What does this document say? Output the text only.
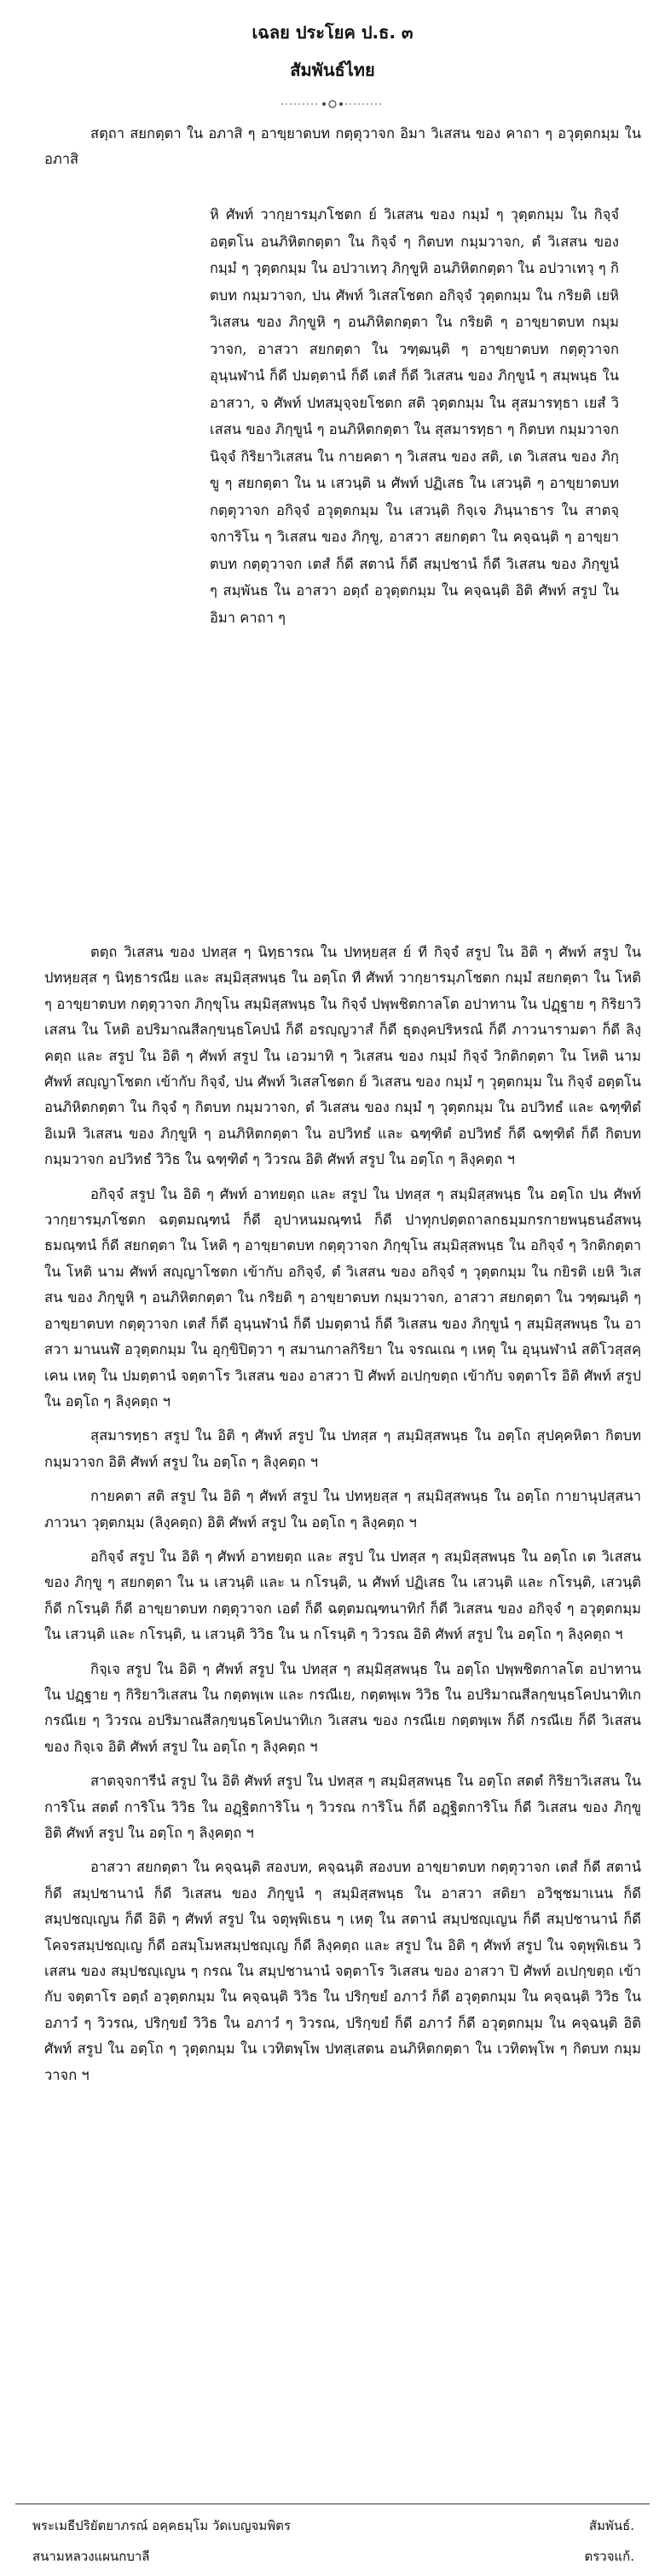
เฉลย ประโยค ป.ธ. ๓
สัมพันธ์ไทย

สตฺถา สยกตฺตา ใน อภาสิ ๆ อาขฺยาตบท กตฺตุวาจก อิมา วิเสสน ของ คาถา ๆ อวุตฺตกมฺม ใน อภาสิ

หิ ศัพท์ วากฺยารมฺภโชตก ย์ วิเสสน ของ กมฺมํ ๆ วุตฺตกมฺม ใน กิจฺจํ อตฺตโน อนภิหิตกตฺตา ใน กิจฺจํ ๆ กิตบท กมฺมวาจก, ตํ วิเสสน ของ กมฺมํ ๆ วุตฺตกมฺม ใน อปวาเทวฺ ภิกฺขูหิ อนภิหิตกตฺตา ใน อปวาเทวฺ ๆ กิตบท กมฺมวาจก, ปน ศัพท์ วิเสสโชตก อกิจฺจํ วุตฺตกมฺม ใน กริยติ เยหิ วิเสสน ของ ภิกฺขูหิ ๆ อนภิหิตกตฺตา ใน กริยติ ๆ อาขฺยาตบท กมฺมวาจก, อาสวา สยกตฺตา ใน วฑฺฒนฺติ ๆ อาขฺยาตบท กตฺตุวาจก อุนฺนฬานํ ก็ดี ปมตฺตานํ ก็ดี เตสํ ก็ดี วิเสสน ของ ภิกฺขูนํ ๆ สมฺพนฺธ ใน อาสวา, จ ศัพท์ ปทสมุจฺจยโชตก สติ วุตฺตกมฺม ใน สุสมารทฺธา เยสํ วิเสสน ของ ภิกฺขูนํ ๆ อนภิหิตกตฺตา ใน สุสมารทฺธา ๆ กิตบท กมฺมวาจก นิจฺจํ กิริยาวิเสสน ใน กายคตา ๆ วิเสสน ของ สติ, เต วิเสสน ของ ภิกฺขู ๆ สยกตฺตา ใน น เสวนฺติ น ศัพท์ ปฏิเสธ ใน เสวนฺติ ๆ อาขฺยาตบท กตฺตุวาจก อกิจฺจํ อวุตฺตกมฺม ใน เสวนฺติ กิจฺเจ ภินฺนาธาร ใน สาตจฺจการิโน ๆ วิเสสน ของ ภิกฺขู, อาสวา สยกตฺตา ใน คจฺฉนฺติ ๆ อาขฺยาตบท กตฺตุวาจก เตสํ ก็ดี สตานํ ก็ดี สมฺปชานํ ก็ดี วิเสสน ของ ภิกฺขูนํ ๆ สมฺพันธ ใน อาสวา อตฺถํ อวุตฺตกมฺม ใน คจฺฉนฺติ อิติ ศัพท์ สรูป ใน อิมา คาถา ๆ

ตตฺถ วิเสสน ของ ปทสฺส ๆ นิทฺธารณ ใน ปทหฺยสฺส ย์ ที กิจฺจํ สรูป ใน อิติ ๆ ศัพท์ สรูป ใน ปทหฺยสฺส ๆ นิทฺธารณีย และ สมฺมิสฺสพนฺธ ใน อตฺโถ ที ศัพท์ วากฺยารมฺภโชตก กมฺมํ สยกตฺตา ใน โหติ ๆ อาขฺยาตบท กตฺตุวาจก ภิกฺขุโน สมฺมิสฺสพนฺธ ใน กิจฺจํ ปพฺพชิตกาลโต อปาทาน ใน ปฏฺฐาย ๆ กิริยาวิเสสน ใน โหติ อปริมาณสีลกฺขนฺธโคปนํ ก็ดี อรญฺญวาสํ ก็ดี ธุตงฺคปริหรณํ ก็ดี ภาวนารามตา ก็ดี ลิงฺคตฺถ และ สรูป ใน อิติ ๆ ศัพท์ สรูป ใน เอวมาทิ ๆ วิเสสน ของ กมฺมํ กิจฺจํ วิกติกตฺตา ใน โหติ นาม ศัพท์ สญฺญาโชตก เข้ากับ กิจฺจํ, ปน ศัพท์ วิเสสโชตก ย์ วิเสสน ของ กมฺมํ ๆ วุตฺตกมฺม ใน กิจฺจํ อตฺตโน อนภิหิตกตฺตา ใน กิจฺจํ ๆ กิตบท กมฺมวาจก, ตํ วิเสสน ของ กมฺมํ ๆ วุตฺตกมฺม ใน อปวิทธํ และ ฉฑฺฑิตํ อิเมหิ วิเสสน ของ ภิกฺขูหิ ๆ อนภิหิตกตฺตา ใน อปวิทธํ และ ฉฑฺฑิตํ อปวิทธํ ก็ดี ฉฑฺฑิตํ ก็ดี กิตบท กมฺมวาจก อปวิทธํ วิวิธ ใน ฉฑฺฑิตํ ๆ วิวรณ อิติ ศัพท์ สรูป ใน อตฺโถ ๆ ลิงฺคตฺถ ฯ

อกิจฺจํ สรูป ใน อิติ ๆ ศัพท์ อาทยตฺถ และ สรูป ใน ปทสฺส ๆ สมฺมิสฺสพนฺธ ใน อตฺโถ ปน ศัพท์ วากฺยารมฺภโชตก ฉตฺตมณฺฑนํ ก็ดี อุปาหนมณฺฑนํ ก็ดี ปาทุกปตฺตถาลกธมฺมกรกายพนฺธนอํสพนฺธมณฺฑนํ ก็ดี สยกตฺตา ใน โหติ ๆ อาขฺยาตบท กตฺตุวาจก ภิกฺขุโน สมฺมิสฺสพนฺธ ใน อกิจฺจํ ๆ วิกติกตฺตา ใน โหติ นาม ศัพท์ สญฺญาโชตก เข้ากับ อกิจฺจํ, ตํ วิเสสน ของ อกิจฺจํ ๆ วุตฺตกมฺม ใน กยิรติ เยหิ วิเสสน ของ ภิกฺขูหิ ๆ อนภิหิตกตฺตา ใน กริยติ ๆ อาขฺยาตบท กมฺมวาจก, อาสวา สยกตฺตา ใน วฑฺฒนฺติ ๆ อาขฺยาตบท กตฺตุวาจก เตสํ ก็ดี อุนฺนฬานํ ก็ดี ปมตฺตานํ ก็ดี วิเสสน ของ ภิกฺขูนํ ๆ สมฺมิสฺสพนฺธ ใน อาสวา มานนฬํ อวุตฺตกมฺม ใน อุกฺขิปิตฺวา ๆ สมานกาลกิริยา ใน จรณเณ ๆ เหตุ ใน อุนฺนฬานํ สติโวสฺสคฺเคน เหตุ ใน ปมตฺตานํ จตฺตาโร วิเสสน ของ อาสวา ปิ ศัพท์ อเปกฺขตฺถ เข้ากับ จตฺตาโร อิติ ศัพท์ สรูป ใน อตฺโถ ๆ ลิงฺคตฺถ ฯ

สุสมารทฺธา สรูป ใน อิติ ๆ ศัพท์ สรูป ใน ปทสฺส ๆ สมฺมิสฺสพนฺธ ใน อตฺโถ สุปคฺคหิตา กิตบท กมฺมวาจก อิติ ศัพท์ สรูป ใน อตฺโถ ๆ ลิงฺคตฺถ ฯ

กายคตา สติ สรูป ใน อิติ ๆ ศัพท์ สรูป ใน ปทหฺยสฺส ๆ สมฺมิสฺสพนฺธ ใน อตฺโถ กายานุปสฺสนาภาวนา วุตฺตกมฺม (ลิงฺคตฺถ) อิติ ศัพท์ สรูป ใน อตฺโถ ๆ ลิงฺคตฺถ ฯ

อกิจฺจํ สรูป ใน อิติ ๆ ศัพท์ อาทยตฺถ และ สรูป ใน ปทสฺส ๆ สมฺมิสฺสพนฺธ ใน อตฺโถ เต วิเสสน ของ ภิกฺขู ๆ สยกตฺตา ใน น เสวนฺติ และ น กโรนฺติ, น ศัพท์ ปฏิเสธ ใน เสวนฺติ และ กโรนฺติ, เสวนฺติ ก็ดี กโรนฺติ ก็ดี อาขฺยาตบท กตฺตุวาจก เอตํ ก็ดี ฉตฺตมณฺฑนาทิกํ ก็ดี วิเสสน ของ อกิจฺจํ ๆ อวุตฺตกมฺม ใน เสวนฺติ และ กโรนฺติ, น เสวนฺติ วิวิธ ใน น กโรนฺติ ๆ วิวรณ อิติ ศัพท์ สรูป ใน อตฺโถ ๆ ลิงฺคตฺถ ฯ

กิจฺเจ สรูป ใน อิติ ๆ ศัพท์ สรูป ใน ปทสฺส ๆ สมฺมิสฺสพนฺธ ใน อตฺโถ ปพฺพชิตกาลโต อปาทาน ใน ปฏฺฐาย ๆ กิริยาวิเสสน ใน กตฺตพฺเพ และ กรณีเย, กตฺตพฺเพ วิวิธ ใน อปริมาณสีลกฺขนฺธโคปนาทิเก กรณีเย ๆ วิวรณ อปริมาณสีลกฺขนฺธโคปนาทิเก วิเสสน ของ กรณีเย กตฺตพฺเพ ก็ดี กรณีเย ก็ดี วิเสสน ของ กิจฺเจ อิติ ศัพท์ สรูป ใน อตฺโถ ๆ ลิงฺคตฺถ ฯ

สาตจฺจการีนํ สรูป ใน อิติ ศัพท์ สรูป ใน ปทสฺส ๆ สมฺมิสฺสพนฺธ ใน อตฺโถ สตตํ กิริยาวิเสสน ใน การิโน สตตํ การิโน วิวิธ ใน อฏฺฐิตการิโน ๆ วิวรณ การิโน ก็ดี อฏฺฐิตการิโน ก็ดี วิเสสน ของ ภิกฺขู อิติ ศัพท์ สรูป ใน อตฺโถ ๆ ลิงฺคตฺถ ฯ

อาสวา สยกตฺตา ใน คจฺฉนฺติ สองบท, คจฺฉนฺติ สองบท อาขฺยาตบท กตฺตุวาจก เตสํ ก็ดี สตานํ ก็ดี สมฺปชานานํ ก็ดี วิเสสน ของ ภิกฺขูนํ ๆ สมฺมิสฺสพนฺธ ใน อาสวา สติยา อวิชฺชมาเนน ก็ดี สมฺปชญฺเญน ก็ดี อิติ ๆ ศัพท์ สรูป ใน จตุพฺพิเธน ๆ เหตุ ใน สตานํ สมฺปชญฺเญน ก็ดี สมฺปชานานํ ก็ดี โคจรสมฺปชญฺเญ ก็ดี อสมฺโมหสมฺปชญฺเญ ก็ดี ลิงฺคตฺถ และ สรูป ใน อิติ ๆ ศัพท์ สรูป ใน จตุพฺพิเธน วิเสสน ของ สมฺปชญฺเญน ๆ กรณ ใน สมฺปชานานํ จตฺตาโร วิเสสน ของ อาสวา ปิ ศัพท์ อเปกฺขตฺถ เข้ากับ จตฺตาโร อตฺถํ อวุตฺตกมฺม ใน คจฺฉนฺติ วิวิธ ใน ปริกฺขยํ อภาวํ ก็ดี อวุตฺตกมฺม ใน คจฺฉนฺติ วิวิธ ใน อภาวํ ๆ วิวรณ, ปริกฺขยํ วิวิธ ใน อภาวํ ๆ วิวรณ, ปริกฺขยํ ก็ดี อภาวํ ก็ดี อวุตฺตกมฺม ใน คจฺฉนฺติ อิติ ศัพท์ สรูป ใน อตฺโถ ๆ วุตฺตกมฺม ใน เวทิตพฺโพ ปทสฺเสตน อนภิหิตกตฺตา ใน เวทิตพฺโพ ๆ กิตบท กมฺมวาจก ฯ

พระเมธีปริยัตยาภรณ์ อคฺคธมฺโม วัดเบญจมพิตร
สนามหลวงแผนกบาลี
สัมพันธ์.
ตรวจแก้.
